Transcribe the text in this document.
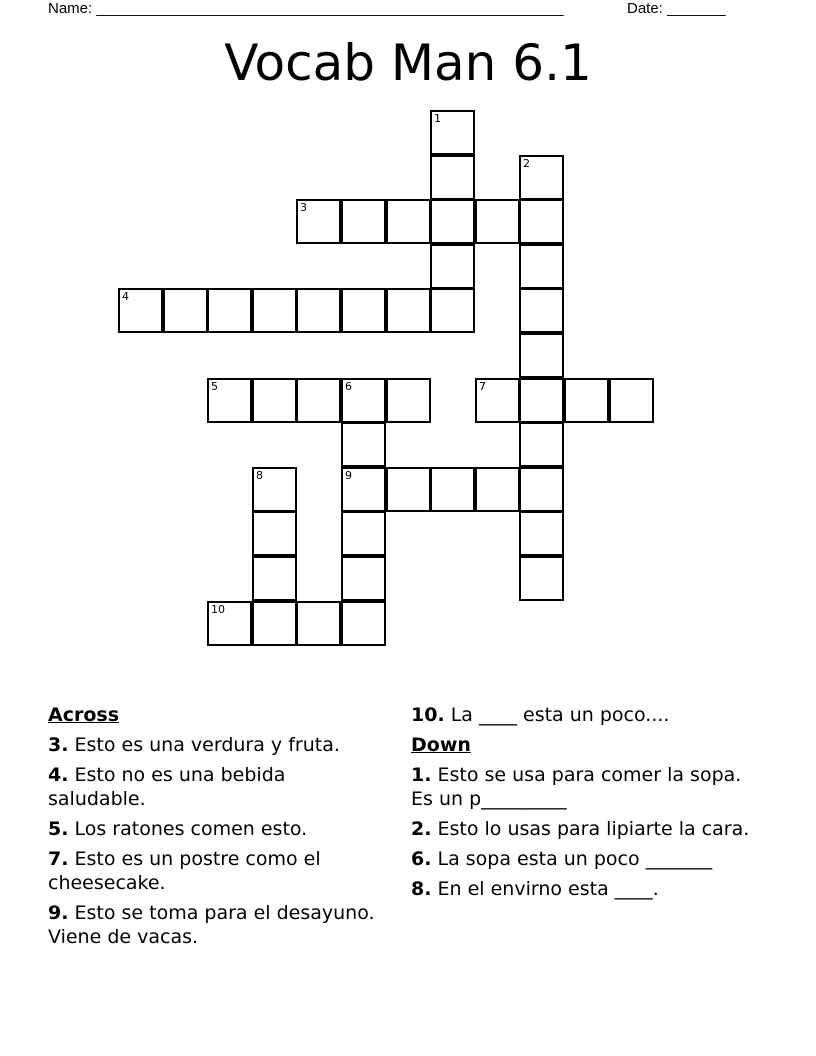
Name: ________________________________________________________	Date: _______
Vocab Man 6.1
1
2
3
4
5	6
9
7
8
10
Across
3. Esto es una verdura y fruta.
4. Esto no es una bebida saludable.
5. Los ratones comen esto.
7. Esto es un postre como el cheesecake.
9. Esto se toma para el desayuno. Viene de vacas.
10. La ____ esta un poco....
Down
1. Esto se usa para comer la sopa. Es un p_________
2. Esto lo usas para lipiarte la cara.
6. La sopa esta un poco _______
8. En el envirno esta ____.
